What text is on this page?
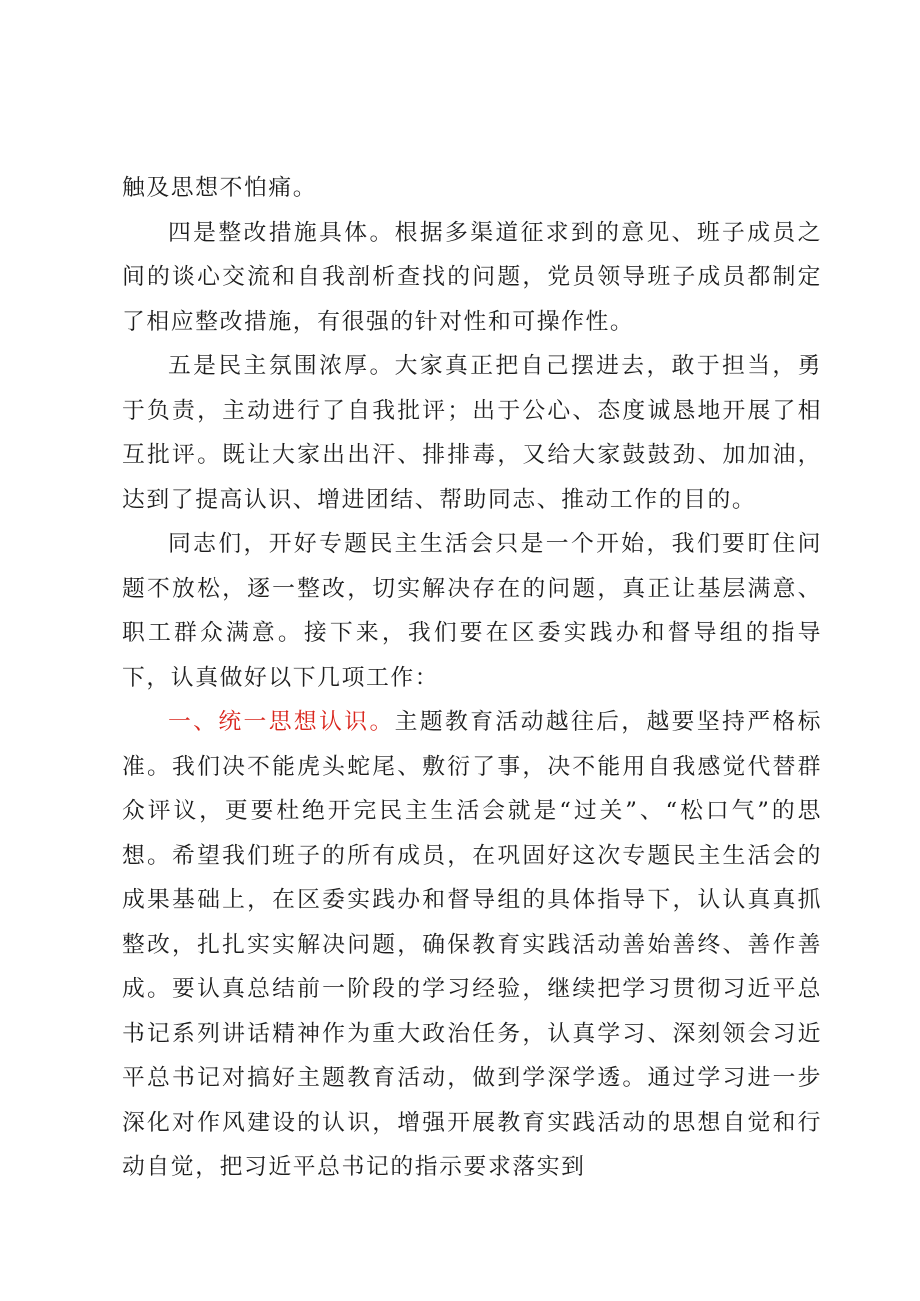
触及思想不怕痛。

四是整改措施具体。根据多渠道征求到的意见、班子成员之间的谈心交流和自我剖析查找的问题，党员领导班子成员都制定了相应整改措施，有很强的针对性和可操作性。

五是民主氛围浓厚。大家真正把自己摆进去，敢于担当，勇于负责，主动进行了自我批评；出于公心、态度诚恳地开展了相互批评。既让大家出出汗、排排毒，又给大家鼓鼓劲、加加油，达到了提高认识、增进团结、帮助同志、推动工作的目的。

同志们，开好专题民主生活会只是一个开始，我们要盯住问题不放松，逐一整改，切实解决存在的问题，真正让基层满意、职工群众满意。接下来，我们要在区委实践办和督导组的指导下，认真做好以下几项工作：

一、统一思想认识。主题教育活动越往后，越要坚持严格标准。我们决不能虎头蛇尾、敷衍了事，决不能用自我感觉代替群众评议，更要杜绝开完民主生活会就是“过关”、“松口气”的思想。希望我们班子的所有成员，在巩固好这次专题民主生活会的成果基础上，在区委实践办和督导组的具体指导下，认认真真抓整改，扎扎实实解决问题，确保教育实践活动善始善终、善作善成。要认真总结前一阶段的学习经验，继续把学习贯彻习近平总书记系列讲话精神作为重大政治任务，认真学习、深刻领会习近平总书记对搞好主题教育活动，做到学深学透。通过学习进一步深化对作风建设的认识，增强开展教育实践活动的思想自觉和行动自觉，把习近平总书记的指示要求落实到
